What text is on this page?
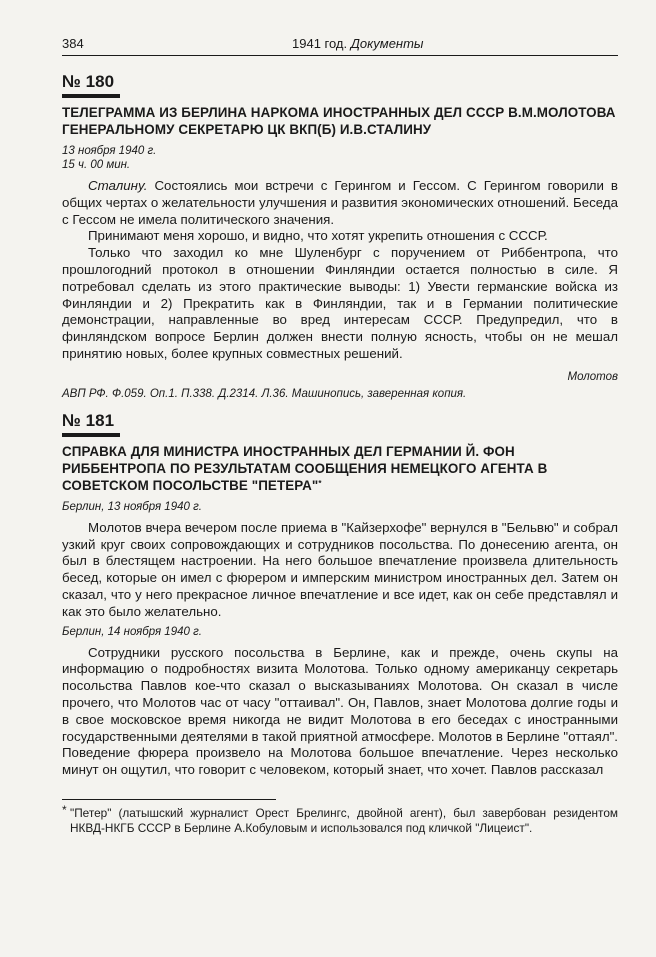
384	1941 год. Документы
№ 180
ТЕЛЕГРАММА ИЗ БЕРЛИНА НАРКОМА ИНОСТРАННЫХ ДЕЛ СССР В.М.МОЛОТОВА ГЕНЕРАЛЬНОМУ СЕКРЕТАРЮ ЦК ВКП(Б) И.В.СТАЛИНУ
13 ноября 1940 г.
15 ч. 00 мин.

Сталину. Состоялись мои встречи с Герингом и Гессом. С Герингом говорили в общих чертах о желательности улучшения и развития экономических отношений. Беседа с Гессом не имела политического значения.

Принимают меня хорошо, и видно, что хотят укрепить отношения с СССР.

Только что заходил ко мне Шуленбург с поручением от Риббентропа, что прошлогодний протокол в отношении Финляндии остается полностью в силе. Я потребовал сделать из этого практические выводы: 1) Увести германские войска из Финляндии и 2) Прекратить как в Финляндии, так и в Германии политические демонстрации, направленные во вред интересам СССР. Предупредил, что в финляндском вопросе Берлин должен внести полную ясность, чтобы он не мешал принятию новых, более крупных совместных решений.

Молотов
АВП РФ. Ф.059. Оп.1. П.338. Д.2314. Л.36. Машинопись, заверенная копия.
№ 181
СПРАВКА ДЛЯ МИНИСТРА ИНОСТРАННЫХ ДЕЛ ГЕРМАНИИ Й. ФОН РИББЕНТРОПА ПО РЕЗУЛЬТАТАМ СООБЩЕНИЯ НЕМЕЦКОГО АГЕНТА В СОВЕТСКОМ ПОСОЛЬСТВЕ "ПЕТЕРА"*
Берлин, 13 ноября 1940 г.

Молотов вчера вечером после приема в "Кайзерхофе" вернулся в "Бельвю" и собрал узкий круг своих сопровождающих и сотрудников посольства. По донесению агента, он был в блестящем настроении. На него большое впечатление произвела длительность бесед, которые он имел с фюрером и имперским министром иностранных дел. Затем он сказал, что у него прекрасное личное впечатление и все идет, как он себе представлял и как это было желательно.

Берлин, 14 ноября 1940 г.

Сотрудники русского посольства в Берлине, как и прежде, очень скупы на информацию о подробностях визита Молотова. Только одному американцу секретарь посольства Павлов кое-что сказал о высказываниях Молотова. Он сказал в числе прочего, что Молотов час от часу "оттаивал". Он, Павлов, знает Молотова долгие годы и в свое московское время никогда не видит Молотова в его беседах с иностранными государственными деятелями в такой приятной атмосфере. Молотов в Берлине "оттаял". Поведение фюрера произвело на Молотова большое впечатление. Через несколько минут он ощутил, что говорит с человеком, который знает, что хочет. Павлов рассказал

* "Петер" (латышский журналист Орест Брелингс, двойной агент), был завербован резидентом НКВД-НКГБ СССР в Берлине А.Кобуловым и использовался под кличкой "Лицеист".
